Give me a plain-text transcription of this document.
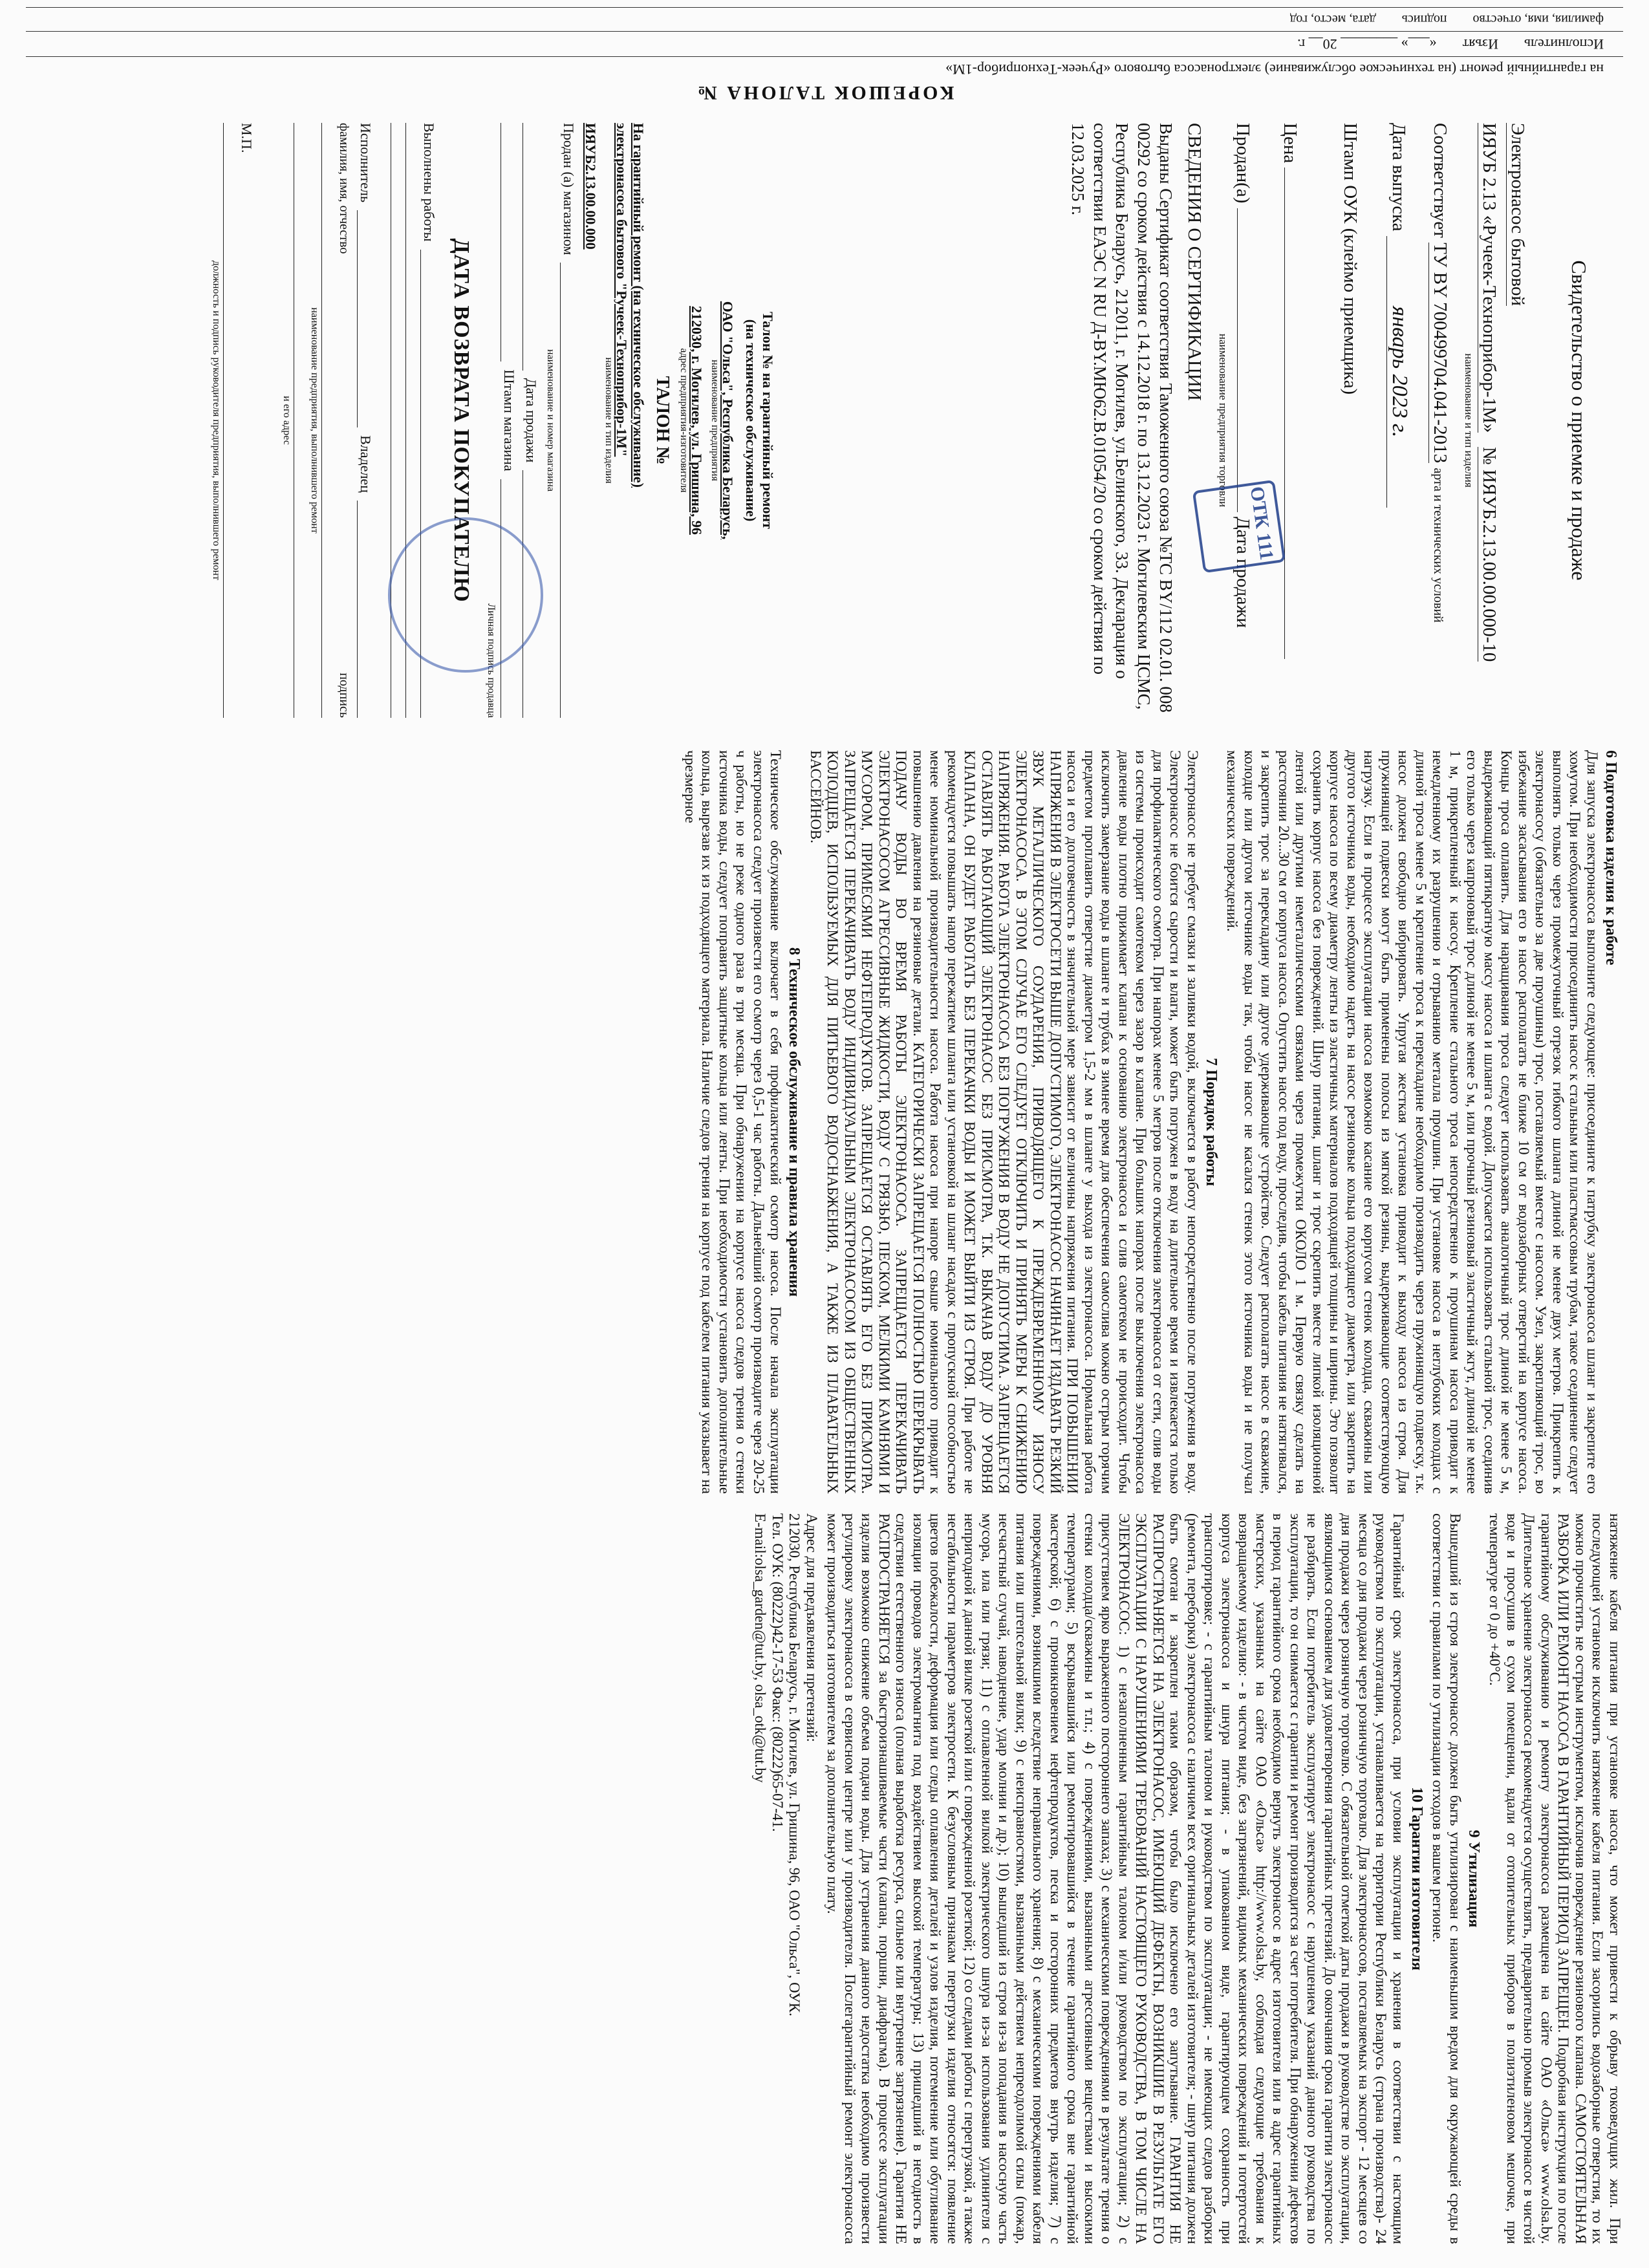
КОРЕШОК ТАЛОНА №
на гарантийный ремонт (на техническое обслуживание) электронасоса бытового «Ручеек-Техноприбор-1М»
Исполнитель
Изъят
«___» ________ 20__ г.
фамилия, имя, отчество
подпись
дата, место, год
Свидетельство о приемке и продаже
Электронасос бытовой
ИЯУБ 2.13 «Ручеек-Техноприбор-1М»   № ИЯУБ.2.13.00.00.000-10
наименование и тип изделия
Соответствует ТУ BY 700499704.041-2013 арта и технических условий
Дата выпуска январь 2023 г.
Штамп ОУК (клеймо приемщика)
Цена
Продан(а)  Дата продажи
наименование предприятия торговли
СВЕДЕНИЯ О СЕРТИФИКАЦИИ

Выданы Сертификат соответствия Таможенного союза №ТС BY/112 02.01. 008 00292 со сроком действия с 14.12.2018 г. по 13.12.2023 г. Могилевским ЦСМС, Республика Беларусь, 212011, г. Могилев, ул.Белинского, 33. Декларация о соответствии ЕАЭС N RU Д-BY.МЮ62.В.01054/20 со сроком действия по 12.03.2025 г.

ОТК 111
Талон № на гарантийный ремонт
(на техническое обслуживание)
ОАО "Ольса", Республика Беларусь,
наименование предприятия
212030, г. Могилев, ул. Гришина, 96
адрес предприятия-изготовителя
ТАЛОН №
На гарантийный ремонт (на техническое обслуживание)
электронасоса бытового "Ручеек-Техноприбор-1М"
наименование и тип изделия
ИЯУБ2.13.00.00.000
Продан (а) магазином
наименование и номер магазина
Дата продажи
Штамп магазина
Личная подпись продавца
ДАТА ВОЗВРАТА ПОКУПАТЕЛЮ
Выполнены работы
Исполнитель
Владелец
фамилия, имя, отчество
подпись
наименование предприятия, выполнившего ремонт
и его адрес
М.П.
должность и подпись руководителя предприятия, выполнившего ремонт
6 Подготовка изделия к работе

Для запуска электронасоса выполните следующее: присоедините к патрубку электронасоса шланг и закрепите его хомутом. При необходимости присоединить насос к стальным или пластмассовым трубам, такое соединение следует выполнять только через промежуточный отрезок гибкого шланга длиной не менее двух метров. Прикрепить к электронасосу (обязательно за две проушины) трос, поставляемый вместе с насосом. Узел, закрепляющий трос, во избежание засасывания его в насос располагать не ближе 10 см от водозаборных отверстий на корпусе насоса. Концы троса оплавить. Для наращивания троса следует использовать аналогичный трос длиной не менее 5 м, выдерживающий пятикратную массу насоса и шланга с водой. Допускается использовать стальной трос, соединив его только через капроновый трос длиной не менее 5 м, или прочный резиновый эластичный жгут, длиной не менее 1 м, прикрепленный к насосу. Крепление стального троса непосредственно к проушинам насоса приводит к немедленному их разрушению и отрыванию металла проушин. При установке насоса в неглубоких колодцах с длиной троса менее 5 м крепление троса к перекладине необходимо производить через пружинящую подвеску, т.к. насос должен свободно вибрировать. Упругая жесткая установка приводит к выходу насоса из строя. Для пружинящей подвески могут быть применены полосы из мягкой резины, выдерживающие соответствующую нагрузку. Если в процессе эксплуатации насоса возможно касание его корпусом стенок колодца, скважины или другого источника воды, необходимо надеть на насос резиновые кольца подходящего диаметра, или закрепить на корпусе насоса по всему диаметру ленты из эластичных материалов подходящей толщины и ширины. Это позволит сохранить корпус насоса без повреждений. Шнур питания, шланг и трос скрепить вместе липкой изоляционной лентой или другими неметаллическими связками через промежутки ОКОЛО 1 м. Первую связку сделать на расстоянии 20...30 см от корпуса насоса. Опустить насос под воду, проследив, чтобы кабель питания не натягивался, и закрепить трос за перекладину или другое удерживающее устройство. Следует располагать насос в скважине, колодце или другом источнике воды так, чтобы насос не касался стенок этого источника воды и не получал механических повреждений.

7 Порядок работы

Электронасос не требует смазки и заливки водой, включается в работу непосредственно после погружения в воду. Электронасос не боится сырости и влаги, может быть погружен в воду на длительное время и извлекается только для профилактического осмотра. При напорах менее 5 метров после отключения электронасоса от сети, слив воды из системы происходит самотеком через зазор в клапане. При больших напорах после выключения электронасоса давление воды плотно прижимает клапан к основанию электронасоса и слив самотеком не происходит. Чтобы исключить замерзание воды в шланге и трубах в зимнее время для обеспечения самослива можно острым горячим предметом проплавить отверстие диаметром 1,5-2 мм в шланге у выхода из электронасоса. Нормальная работа насоса и его долговечность в значительной мере зависит от величины напряжения питания. ПРИ ПОВЫШЕНИИ НАПРЯЖЕНИЯ В ЭЛЕКТРОСЕТИ ВЫШЕ ДОПУСТИМОГО, ЭЛЕКТРОНАСОС НАЧИНАЕТ ИЗДАВАТЬ РЕЗКИЙ ЗВУК МЕТАЛЛИЧЕСКОГО СОУДАРЕНИЯ, ПРИВОДЯЩЕГО К ПРЕЖДЕВРЕМЕННОМУ ИЗНОСУ ЭЛЕКТРОНАСОСА. В ЭТОМ СЛУЧАЕ ЕГО СЛЕДУЕТ ОТКЛЮЧИТЬ И ПРИНЯТЬ МЕРЫ К СНИЖЕНИЮ НАПРЯЖЕНИЯ. РАБОТА ЭЛЕКТРОНАСОСА БЕЗ ПОГРУЖЕНИЯ В ВОДУ НЕ ДОПУСТИМА. ЗАПРЕЩАЕТСЯ ОСТАВЛЯТЬ РАБОТАЮЩИЙ ЭЛЕКТРОНАСОС БЕЗ ПРИСМОТРА, Т.К. ВЫКАЧАВ ВОДУ ДО УРОВНЯ КЛАПАНА, ОН БУДЕТ РАБОТАТЬ БЕЗ ПЕРЕКАЧКИ ВОДЫ И МОЖЕТ ВЫЙТИ ИЗ СТРОЯ. При работе не рекомендуется повышать напор пережатием шланга или установкой на шланг насадок с пропускной способностью менее номинальной производительности насоса. Работа насоса при напоре свыше номинального приводит к повышению давления на резиновые детали. КАТЕГОРИЧЕСКИ ЗАПРЕЩАЕТСЯ ПОЛНОСТЬЮ ПЕРЕКРЫВАТЬ ПОДАЧУ ВОДЫ ВО ВРЕМЯ РАБОТЫ ЭЛЕКТРОНАСОСА. ЗАПРЕЩАЕТСЯ ПЕРЕКАЧИВАТЬ ЭЛЕКТРОНАСОСОМ АГРЕССИВНЫЕ ЖИДКОСТИ, ВОДУ С ГРЯЗЬЮ, ПЕСКОМ, МЕЛКИМИ КАМНЯМИ И МУСОРОМ, ПРИМЕСЯМИ НЕФТЕПРОДУКТОВ. ЗАПРЕЩАЕТСЯ ОСТАВЛЯТЬ ЕГО БЕЗ ПРИСМОТРА. ЗАПРЕЩАЕТСЯ ПЕРЕКАЧИВАТЬ ВОДУ ИНДИВИДУАЛЬНЫМ ЭЛЕКТРОНАСОСОМ ИЗ ОБЩЕСТВЕННЫХ КОЛОДЦЕВ, ИСПОЛЬЗУЕМЫХ ДЛЯ ПИТЬЕВОГО ВОДОСНАБЖЕНИЯ, А ТАКЖЕ ИЗ ПЛАВАТЕЛЬНЫХ БАССЕЙНОВ.

8 Техническое обслуживание и правила хранения

Техническое обслуживание включает в себя профилактический осмотр насоса. После начала эксплуатации электронасоса следует произвести его осмотр через 0,5-1 час работы. Дальнейший осмотр производите через 20-25 ч работы, но не реже одного раза в три месяца. При обнаружении на корпусе насоса следов трения о стенки источника воды, следует поправить защитные кольца или ленты. При необходимости установить дополнительные кольца, вырезав их из подходящего материала. Наличие следов трения на корпусе под кабелем питания указывает на чрезмерное

натяжение кабеля питания при установке насоса, что может привести к обрыву токоведущих жил. При последующей установке исключить натяжение кабеля питания. Если засорились водозаборные отверстия, то их можно прочистить не острым инструментом, исключив повреждение резинового клапана. САМОСТОЯТЕЛЬНАЯ РАЗБОРКА ИЛИ РЕМОНТ НАСОСА В ГАРАНТИЙНЫЙ ПЕРИОД ЗАПРЕЩЕН. Подробная инструкция по после гарантийному обслуживанию и ремонту электронасоса размещена на сайте ОАО «Ольса» www.olsa.by. Длительное хранение электронасоса рекомендуется осуществлять, предварительно промыв электронасос в чистой воде и просушив в сухом помещении, вдали от отопительных приборов в полиэтиленовом мешочке, при температуре от 0 до +40°С.

9 Утилизация

Вышедший из строя электронасос должен быть утилизирован с наименьшим вредом для окружающей среды в соответствии с правилами по утилизации отходов в вашем регионе.

10 Гарантии изготовителя

Гарантийный срок электронасоса, при условии эксплуатации и хранения в соответствии с настоящим руководством по эксплуатации, устанавливается на территории Республики Беларусь (страна производства)- 24 месяца со дня продажи через розничную торговлю. Для электронасосов, поставляемых на экспорт - 12 месяцев со дня продажи через розничную торговлю. С обязательной отметкой даты продажи в руководстве по эксплуатации, являющимся основанием для удовлетворения гарантийных претензий. До окончания срока гарантии электронасос не разбирать. Если потребитель эксплуатирует электронасос с нарушением указаний данного руководства по эксплуатации, то он снимается с гарантии и ремонт производится за счет потребителя. При обнаружении дефектов в период гарантийного срока необходимо вернуть электронасос в адрес изготовителя или в адрес гарантийных мастерских, указанных на сайте ОАО «Ольса» http://www.olsa.by, соблюдая следующие требования к возвращаемому изделию: - в чистом виде, без загрязнений, видимых механических повреждений и потертостей корпуса электронасоса и шнура питания; - в упакованном виде, гарантирующем сохранность при транспортировке; - с гарантийным талоном и руководством по эксплуатации; - не имеющих следов разборки (ремонта, переборки) электронасоса с наличием всех оригинальных деталей изготовителя; - шнур питания должен быть смотан и закреплен таким образом, чтобы было исключено его запутывание. ГАРАНТИЯ НЕ РАСПРОСТРАНЯЕТСЯ НА ЭЛЕКТРОНАСОС, ИМЕЮЩИЙ ДЕФЕКТЫ, ВОЗНИКШИЕ В РЕЗУЛЬТАТЕ ЕГО ЭКСПЛУАТАЦИИ С НАРУШЕНИЯМИ ТРЕБОВАНИЙ НАСТОЯЩЕГО РУКОВОДСТВА, В ТОМ ЧИСЛЕ НА ЭЛЕКТРОНАСОС: 1) с незаполненным гарантийным талоном и/или руководством по эксплуатации; 2) с присутствием ярко выраженного постороннего запаха; 3) с механическими повреждениями в результате трения о стенки колодца/скважины и т.п.; 4) с повреждениями, вызванными агрессивными веществами и высокими температурами; 5) вскрывавшийся или ремонтировавшийся в течение гарантийного срока вне гарантийной мастерской; 6) с проникновением нефтепродуктов, песка и посторонних предметов внутрь изделия; 7) с повреждениями, возникшими вследствие неправильного хранения; 8) с механическими повреждениями кабеля питания или штепсельной вилки; 9) с неисправностями, вызванными действием непреодолимой силы (пожар, несчастный случай, наводнение, удар молнии и др.); 10) вышедший из строя из-за попадания в насосную часть мусора, ила или грязи; 11) с оплавленной вилкой электрического шнура из-за использования удлинителя с непригодной к данной вилке розеткой или с поврежденной розеткой; 12) со следами работы с перегрузкой, а также нестабильности параметров электросети. К безусловным признакам перегрузки изделия относятся: появление цветов побежалости, деформация или следы оплавления деталей и узлов изделия, потемнение или обугливание изоляции проводов электромагнита под воздействием высокой температуры; 13) пришедший в негодность в следствии естественного износа (полная выработка ресурса, сильное или внутреннее загрязнение). Гарантия НЕ РАСПРОСТРАНЯЕТСЯ за быстроизнашиваемые части (клапан, поршни, диафрагма). В процессе эксплуатации изделия возможно снижение объема подачи воды. Для устранения данного недостатка необходимо произвести регулировку электронасоса в сервисном центре или у производителя. Послегарантийный ремонт электронасоса может производиться изготовителем за дополнительную плату.

Адрес для предъявления претензий:
212030, Республика Беларусь, г. Могилев, ул. Гришина, 96, ОАО "Ольса", ОУК.
Тел. ОУК: (80222)42-17-53 Факс: (80222)65-07-41.
E-mail:olsa_garden@tut.by, olsa_otk@tut.by
